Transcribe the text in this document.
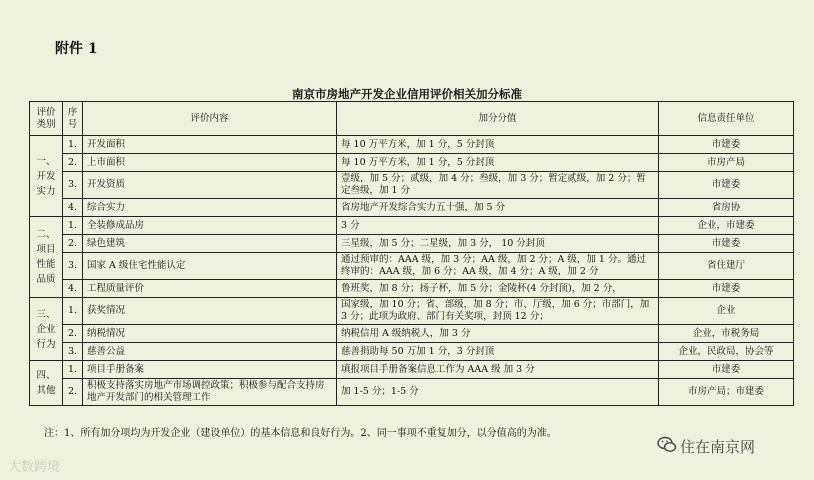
附件 1
南京市房地产开发企业信用评价相关加分标准
评价类别	序号	评价内容	加分分值	信息责任单位
一、开发实力	1.	开发面积	每 10 万平方米，加 1 分，5 分封顶	市建委
	2.	上市面积	每 10 万平方米，加 1 分，5 分封顶	市房产局
	3.	开发资质	壹级，加 5 分；贰级，加 4 分；叁级，加 3 分；暂定贰级，加 2 分；暂定叁级，加 1 分	市建委
	4.	综合实力	省房地产开发综合实力五十强，加 5 分	省房协
二、项目性能品质	1.	全装修成品房	3 分	企业，市建委
	2.	绿色建筑	三星级，加 5 分；二星级，加 3 分， 10 分封顶	市建委
	3.	国家 A 级住宅性能认定	通过预审的：AAA 级，加 3 分；AA 级，加 2 分；A 级，加 1 分。通过终审的：AAA 级，加 6 分；AA 级，加 4 分；A 级，加 2 分	省住建厅
	4.	工程质量评价	鲁班奖，加 8 分；扬子杯，加 5 分；金陵杯(4 分封顶)，加 2 分，	市建委
三、企业行为	1.	获奖情况	国家级，加 10 分；省、部级，加 8 分；市、厅级，加 6 分；市部门，加 3 分；此项为政府、部门有关奖项，封顶 12 分；	企业
	2.	纳税情况	纳税信用 A 级纳税人，加 3 分	企业，市税务局
	3.	慈善公益	慈善捐助每 50 万加 1 分，3 分封顶	企业，民政局，协会等
四、其他	1.	项目手册备案	填报项目手册备案信息工作为 AAA 级 加 3 分	市建委
	2.	积极支持落实房地产市场调控政策；积极参与配合支持房地产开发部门的相关管理工作	加 1-5 分；1-5 分	市房产局；市建委
注：1、所有加分项均为开发企业（建设单位）的基本信息和良好行为。2、同一事项不重复加分，以分值高的为准。
大数跨境
住在南京网
